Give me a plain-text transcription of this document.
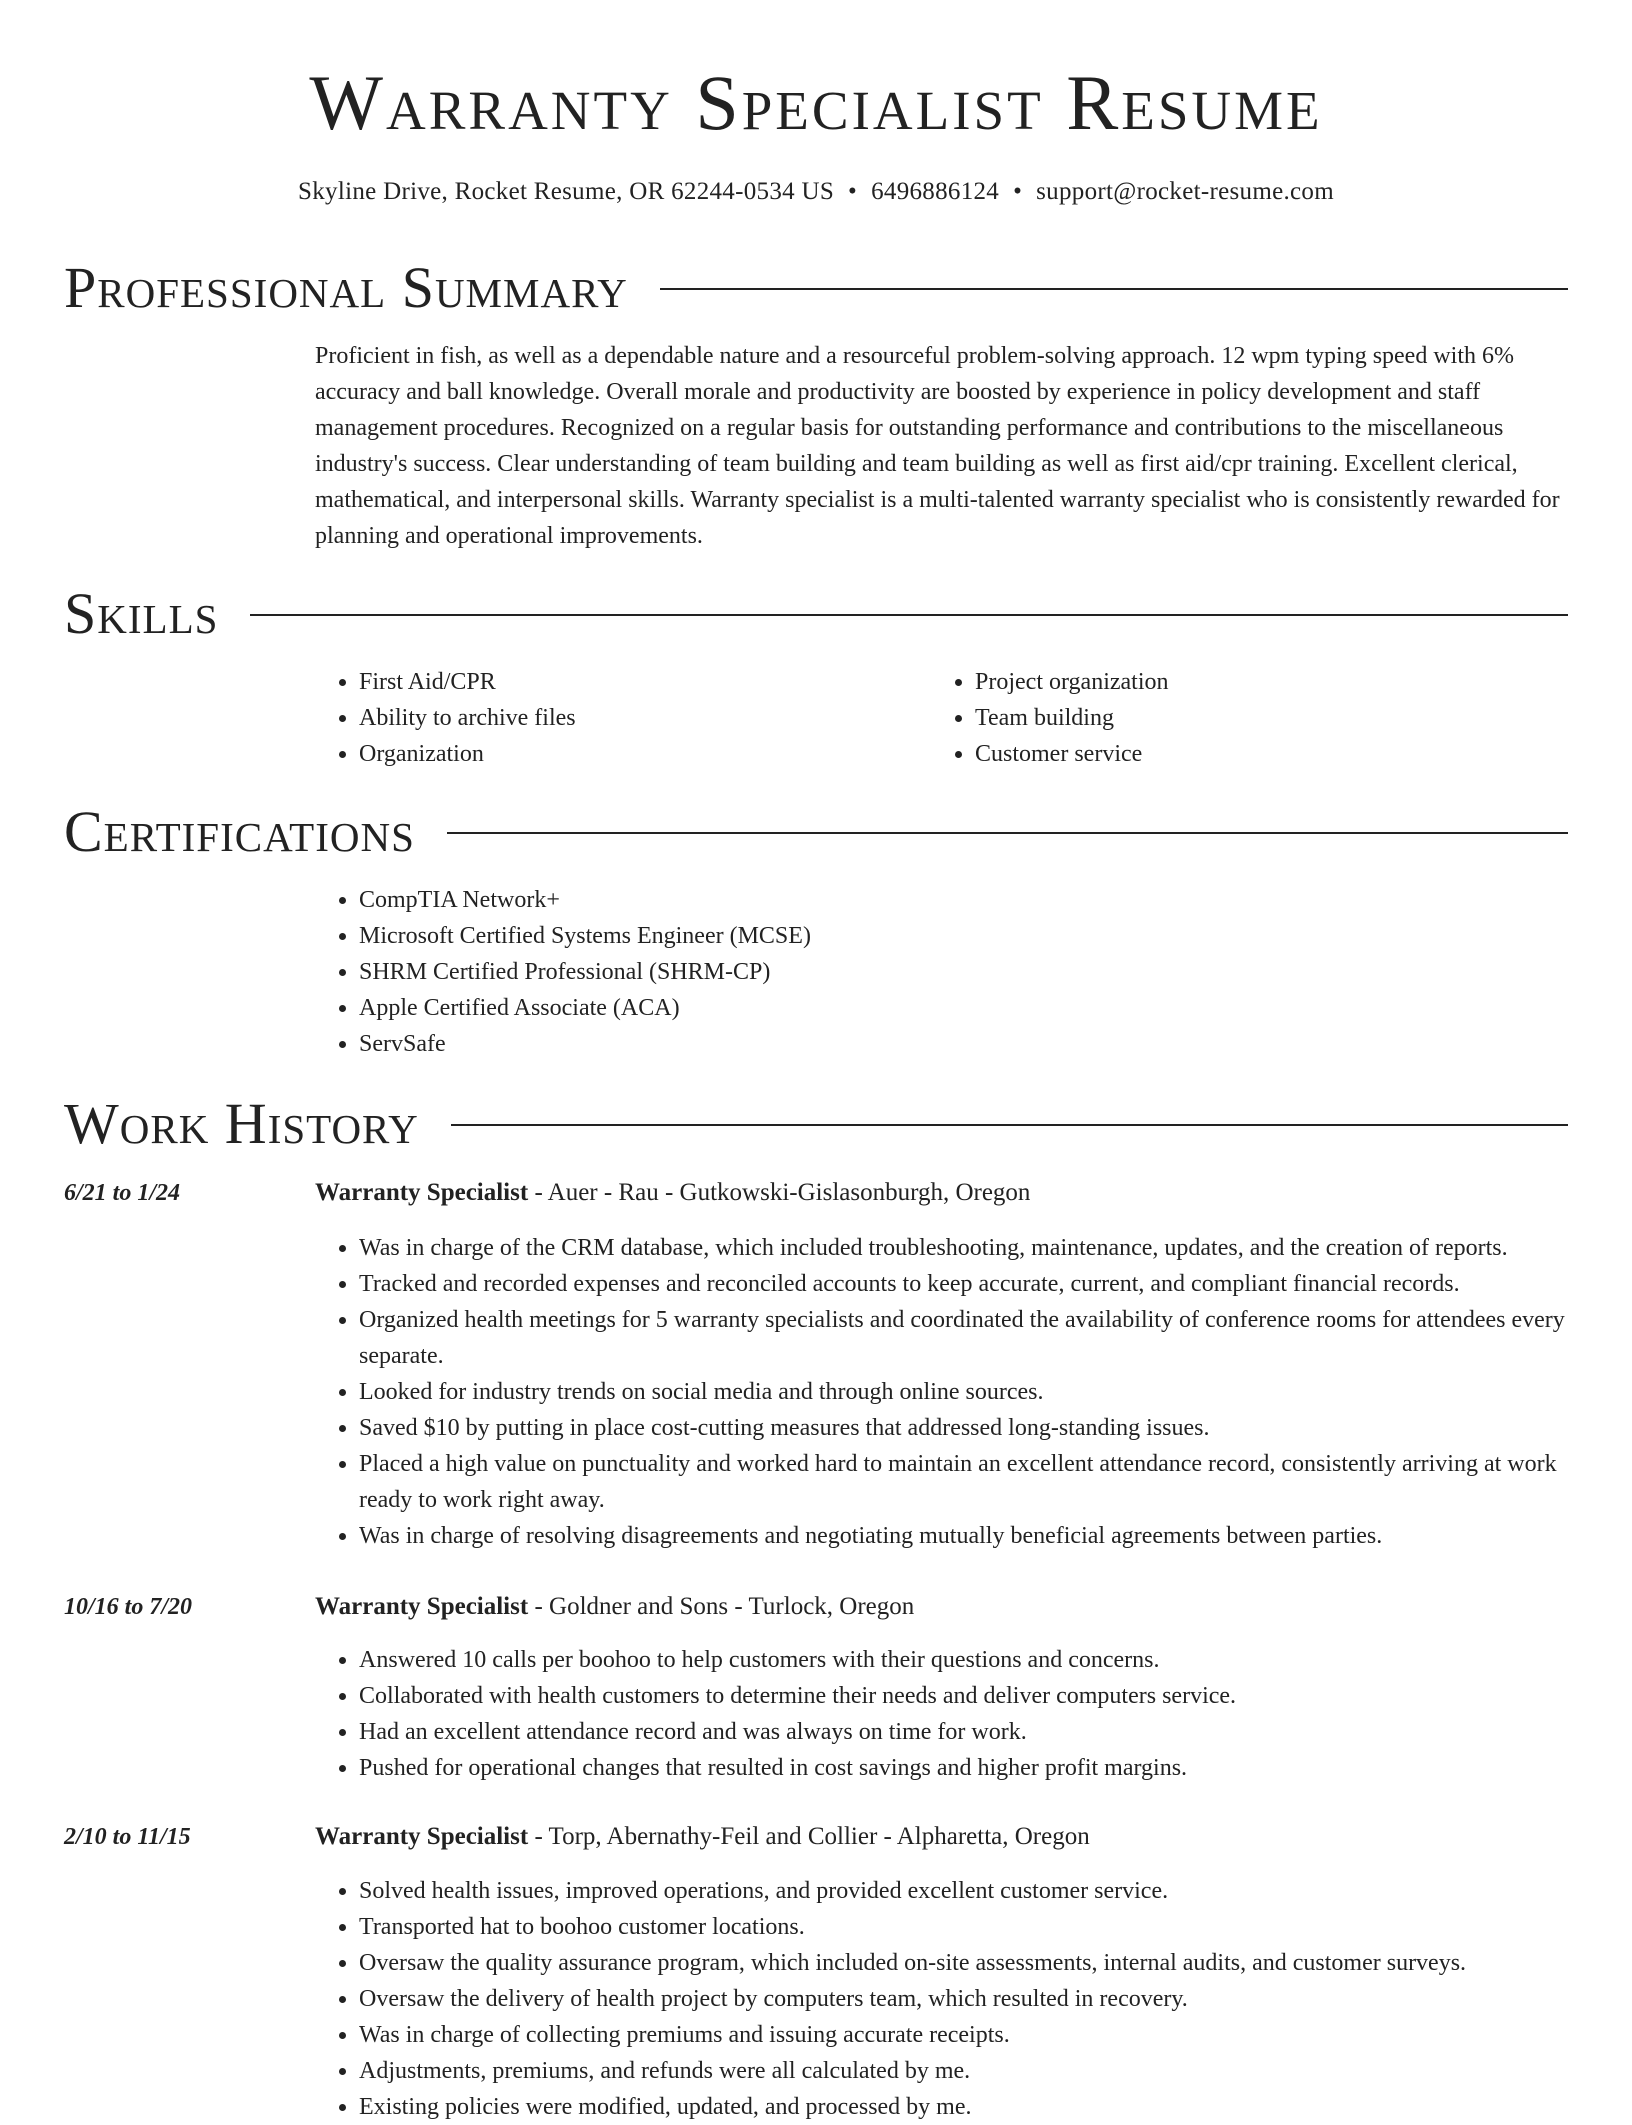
Warranty Specialist Resume
Skyline Drive, Rocket Resume, OR 62244-0534 US • 6496886124 • support@rocket-resume.com
Professional Summary

Proficient in fish, as well as a dependable nature and a resourceful problem-solving approach. 12 wpm typing speed with 6% accuracy and ball knowledge. Overall morale and productivity are boosted by experience in policy development and staff management procedures. Recognized on a regular basis for outstanding performance and contributions to the miscellaneous industry's success. Clear understanding of team building and team building as well as first aid/cpr training. Excellent clerical, mathematical, and interpersonal skills. Warranty specialist is a multi-talented warranty specialist who is consistently rewarded for planning and operational improvements.

Skills
• First Aid/CPR
• Ability to archive files
• Organization
• Project organization
• Team building
• Customer service
Certifications
• CompTIA Network+
• Microsoft Certified Systems Engineer (MCSE)
• SHRM Certified Professional (SHRM-CP)
• Apple Certified Associate (ACA)
• ServSafe
Work History
6/21 to 1/24	Warranty Specialist - Auer - Rau - Gutkowski-Gislasonburgh, Oregon
• Was in charge of the CRM database, which included troubleshooting, maintenance, updates, and the creation of reports.
• Tracked and recorded expenses and reconciled accounts to keep accurate, current, and compliant financial records.
• Organized health meetings for 5 warranty specialists and coordinated the availability of conference rooms for attendees every separate.
• Looked for industry trends on social media and through online sources.
• Saved $10 by putting in place cost-cutting measures that addressed long-standing issues.
• Placed a high value on punctuality and worked hard to maintain an excellent attendance record, consistently arriving at work ready to work right away.
• Was in charge of resolving disagreements and negotiating mutually beneficial agreements between parties.
10/16 to 7/20	Warranty Specialist - Goldner and Sons - Turlock, Oregon
• Answered 10 calls per boohoo to help customers with their questions and concerns.
• Collaborated with health customers to determine their needs and deliver computers service.
• Had an excellent attendance record and was always on time for work.
• Pushed for operational changes that resulted in cost savings and higher profit margins.
2/10 to 11/15	Warranty Specialist - Torp, Abernathy-Feil and Collier - Alpharetta, Oregon
• Solved health issues, improved operations, and provided excellent customer service.
• Transported hat to boohoo customer locations.
• Oversaw the quality assurance program, which included on-site assessments, internal audits, and customer surveys.
• Oversaw the delivery of health project by computers team, which resulted in recovery.
• Was in charge of collecting premiums and issuing accurate receipts.
• Adjustments, premiums, and refunds were all calculated by me.
• Existing policies were modified, updated, and processed by me.
